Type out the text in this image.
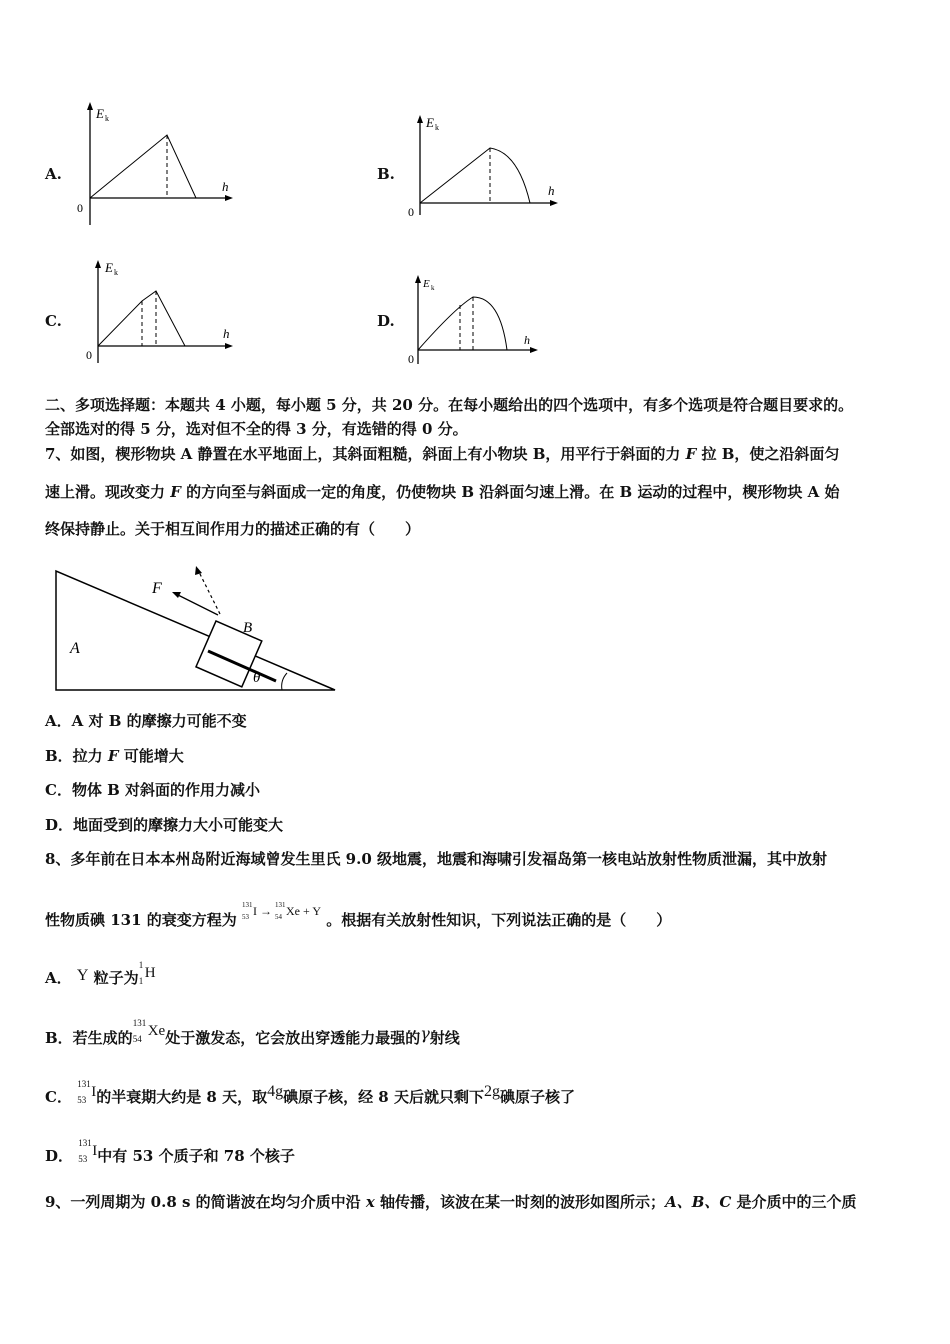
A.
E k
h
0
B.
E k
h
0
C.
E k
h
0
D.
E k
h
0
二、多项选择题：本题共 4 小题，每小题 5 分，共 20 分。在每小题给出的四个选项中，有多个选项是符合题目要求的。
全部选对的得 5 分，选对但不全的得 3 分，有选错的得 0 分。
7、如图，楔形物块 A 静置在水平地面上，其斜面粗糙，斜面上有小物块 B，用平行于斜面的力 F 拉 B，使之沿斜面匀
速上滑。现改变力 F 的方向至与斜面成一定的角度，仍使物块 B 沿斜面匀速上滑。在 B 运动的过程中，楔形物块 A 始
终保持静止。关于相互间作用力的描述正确的有（　　）
A
B
F
θ
A．A 对 B 的摩擦力可能不变
B．拉力 F 可能增大
C．物体 B 对斜面的作用力减小
D．地面受到的摩擦力大小可能变大
8、多年前在日本本州岛附近海域曾发生里氏 9.0 级地震，地震和海啸引发福岛第一核电站放射性物质泄漏，其中放射
性物质碘 131 的衰变方程为
131
53 I → 131
54 Xe + Y 。根据有关放射性知识，下列说法正确的是（　　）
A． Y 粒子为
1
1 H
B．若生成的
131
54 Xe处于激发态，它会放出穿透能力最强的γ射线
C．
131
53 I的半衰期大约是 8 天，取4g碘原子核，经 8 天后就只剩下2g碘原子核了
D．
131
53 I中有 53 个质子和 78 个核子
9、一列周期为 0.8 s 的简谐波在均匀介质中沿 x 轴传播，该波在某一时刻的波形如图所示；A、B、C 是介质中的三个质
